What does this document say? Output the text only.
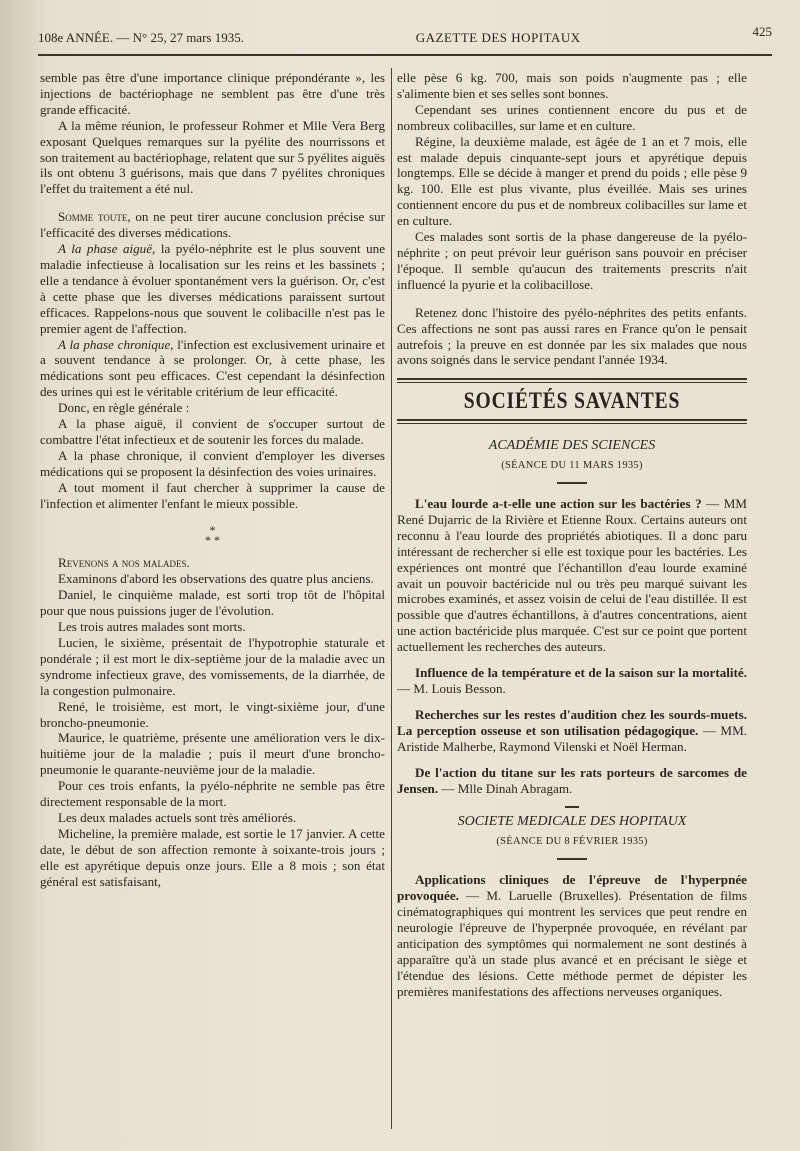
108e ANNÉE. — N° 25, 27 mars 1935.	GAZETTE DES HOPITAUX	425

semble pas être d'une importance clinique prépondérante », les injections de bactériophage ne semblent pas être d'une très grande efficacité.

A la même réunion, le professeur Rohmer et Mlle Vera Berg exposant Quelques remarques sur la pyélite des nourrissons et son traitement au bactériophage, relatent que sur 5 pyélites aiguës ils ont obtenu 3 guérisons, mais que dans 7 pyélites chroniques l'effet du traitement a été nul.

Somme toute, on ne peut tirer aucune conclusion précise sur l'efficacité des diverses médications.

A la phase aiguë, la pyélo-néphrite est le plus souvent une maladie infectieuse à localisation sur les reins et les bassinets ; elle a tendance à évoluer spontanément vers la guérison. Or, c'est à cette phase que les diverses médications paraissent surtout efficaces. Rappelons-nous que souvent le colibacille n'est pas le premier agent de l'affection.

A la phase chronique, l'infection est exclusivement urinaire et a souvent tendance à se prolonger. Or, à cette phase, les médications sont peu efficaces. C'est cependant la désinfection des urines qui est le véritable critérium de leur efficacité.

Donc, en règle générale :

A la phase aiguë, il convient de s'occuper surtout de combattre l'état infectieux et de soutenir les forces du malade.

A la phase chronique, il convient d'employer les diverses médications qui se proposent la désinfection des voies urinaires.

A tout moment il faut chercher à supprimer la cause de l'infection et alimenter l'enfant le mieux possible.

*
* *

Revenons a nos malades.

Examinons d'abord les observations des quatre plus anciens.

Daniel, le cinquième malade, est sorti trop tôt de l'hôpital pour que nous puissions juger de l'évolution.

Les trois autres malades sont morts.

Lucien, le sixième, présentait de l'hypotrophie staturale et pondérale ; il est mort le dix-septième jour de la maladie avec un syndrome infectieux grave, des vomissements, de la diarrhée, de la congestion pulmonaire.

René, le troisième, est mort, le vingt-sixième jour, d'une broncho-pneumonie.

Maurice, le quatrième, présente une amélioration vers le dix-huitième jour de la maladie ; puis il meurt d'une broncho-pneumonie le quarante-neuvième jour de la maladie.

Pour ces trois enfants, la pyélo-néphrite ne semble pas être directement responsable de la mort.

Les deux malades actuels sont très améliorés.

Micheline, la première malade, est sortie le 17 janvier. A cette date, le début de son affection remonte à soixante-trois jours ; elle est apyrétique depuis onze jours. Elle a 8 mois ; son état général est satisfaisant,

elle pèse 6 kg. 700, mais son poids n'augmente pas ; elle s'alimente bien et ses selles sont bonnes.

Cependant ses urines contiennent encore du pus et de nombreux colibacilles, sur lame et en culture.

Régine, la deuxième malade, est âgée de 1 an et 7 mois, elle est malade depuis cinquante-sept jours et apyrétique depuis longtemps. Elle se décide à manger et prend du poids ; elle pèse 9 kg. 100. Elle est plus vivante, plus éveillée. Mais ses urines contiennent encore du pus et de nombreux colibacilles sur lame et en culture.

Ces malades sont sortis de la phase dangereuse de la pyélo-néphrite ; on peut prévoir leur guérison sans pouvoir en préciser l'époque. Il semble qu'aucun des traitements prescrits n'ait influencé la pyurie et la colibacillose.

Retenez donc l'histoire des pyélo-néphrites des petits enfants. Ces affections ne sont pas aussi rares en France qu'on le pensait autrefois ; la preuve en est donnée par les six malades que nous avons soignés dans le service pendant l'année 1934.

SOCIÉTÉS SAVANTES
ACADÉMIE DES SCIENCES
(SÉANCE DU 11 MARS 1935)

L'eau lourde a-t-elle une action sur les bactéries ? — MM René Dujarric de la Rivière et Etienne Roux. Certains auteurs ont reconnu à l'eau lourde des propriétés abiotiques. Il a donc paru intéressant de rechercher si elle est toxique pour les bactéries. Les expériences ont montré que l'échantillon d'eau lourde examiné avait un pouvoir bactéricide nul ou très peu marqué suivant les microbes examinés, et assez voisin de celui de l'eau distillée. Il est possible que d'autres échantillons, à d'autres concentrations, aient une action bactéricide plus marquée. C'est sur ce point que portent actuellement les recherches des auteurs.

Influence de la température et de la saison sur la mortalité. — M. Louis Besson.

Recherches sur les restes d'audition chez les sourds-muets. La perception osseuse et son utilisation pédagogique. — MM. Aristide Malherbe, Raymond Vilenski et Noël Herman.

De l'action du titane sur les rats porteurs de sarcomes de Jensen. — Mlle Dinah Abragam.

SOCIETE MEDICALE DES HOPITAUX
(SÉANCE DU 8 FÉVRIER 1935)

Applications cliniques de l'épreuve de l'hyperpnée provoquée. — M. Laruelle (Bruxelles). Présentation de films cinématographiques qui montrent les services que peut rendre en neurologie l'épreuve de l'hyperpnée provoquée, en révélant par anticipation des symptômes qui normalement ne sont destinés à apparaître qu'à un stade plus avancé et en précisant le siège et l'étendue des lésions. Cette méthode permet de dépister les premières manifestations des affections nerveuses organiques.
